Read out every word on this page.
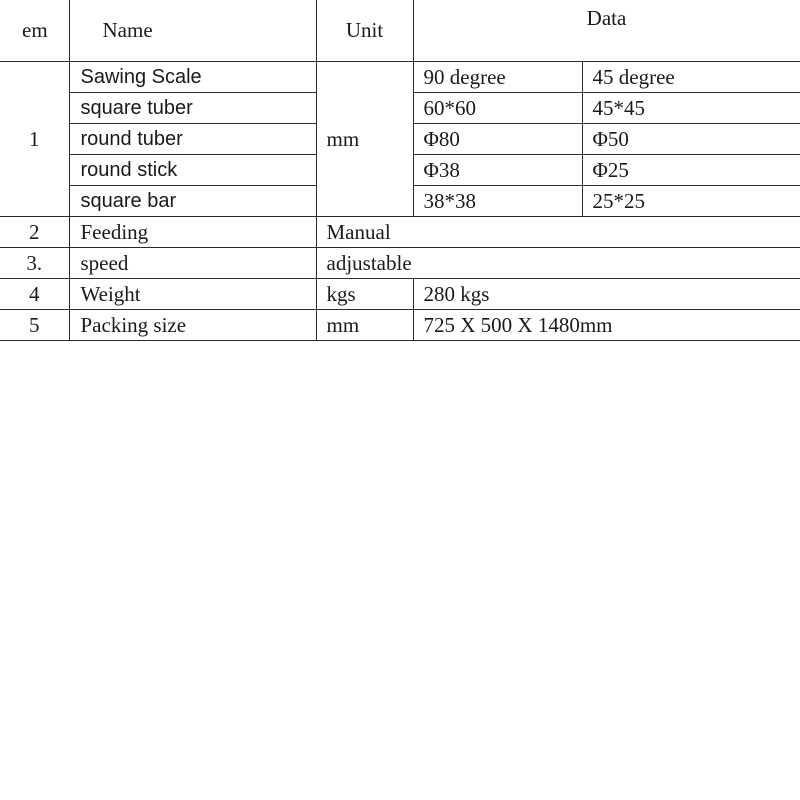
em	Name	Unit	Data	
1	Sawing Scale	mm	90 degree	45 degree
	square tuber		60*60	45*45
	round tuber		Φ80	Φ50
	round stick		Φ38	Φ25
	square bar		38*38	25*25
2	Feeding	Manual		
3.	speed	adjustable		
4	Weight	kgs	280 kgs	
5	Packing size	mm	725 X 500 X 1480mm	
